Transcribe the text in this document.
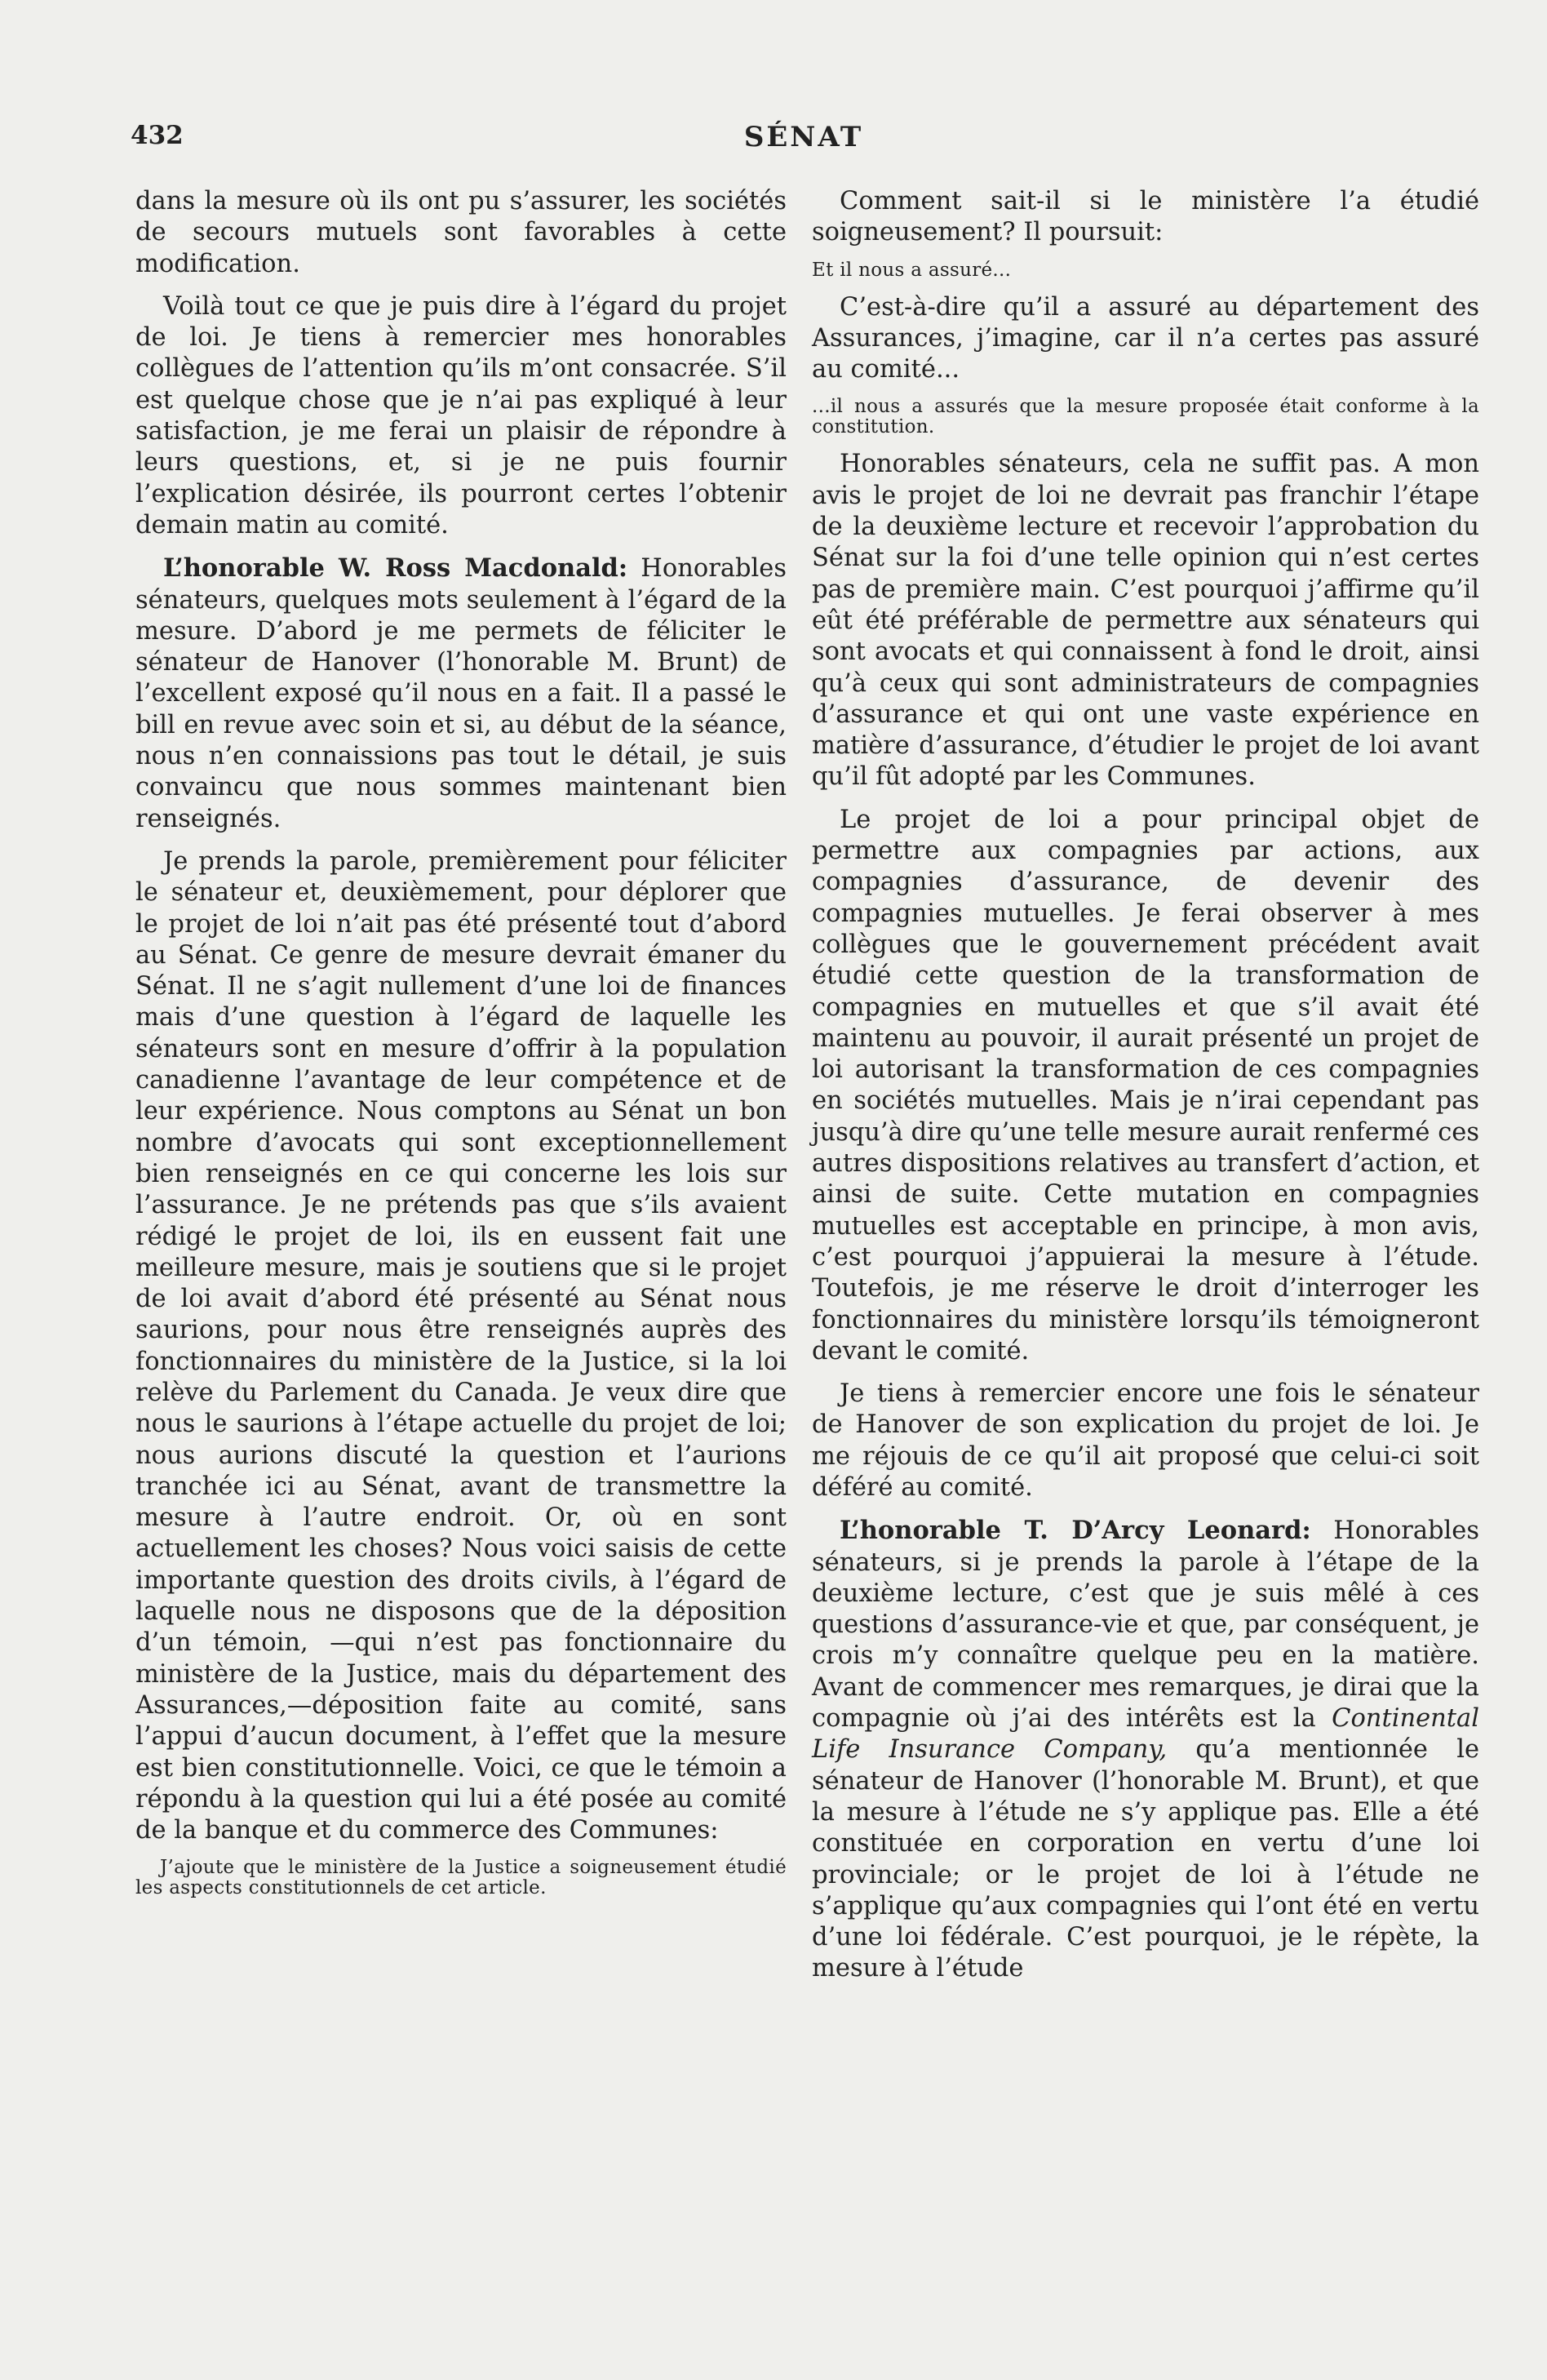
432	SÉNAT

dans la mesure où ils ont pu s’assurer, les sociétés de secours mutuels sont favorables à cette modification.

Voilà tout ce que je puis dire à l’égard du projet de loi. Je tiens à remercier mes honorables collègues de l’attention qu’ils m’ont consacrée. S’il est quelque chose que je n’ai pas expliqué à leur satisfaction, je me ferai un plaisir de répondre à leurs questions, et, si je ne puis fournir l’explication désirée, ils pourront certes l’obtenir demain matin au comité.

L’honorable W. Ross Macdonald: Honorables sénateurs, quelques mots seulement à l’égard de la mesure. D’abord je me permets de féliciter le sénateur de Hanover (l’honorable M. Brunt) de l’excellent exposé qu’il nous en a fait. Il a passé le bill en revue avec soin et si, au début de la séance, nous n’en connaissions pas tout le détail, je suis convaincu que nous sommes maintenant bien renseignés.

Je prends la parole, premièrement pour féliciter le sénateur et, deuxièmement, pour déplorer que le projet de loi n’ait pas été présenté tout d’abord au Sénat. Ce genre de mesure devrait émaner du Sénat. Il ne s’agit nullement d’une loi de finances mais d’une question à l’égard de laquelle les sénateurs sont en mesure d’offrir à la population canadienne l’avantage de leur compétence et de leur expérience. Nous comptons au Sénat un bon nombre d’avocats qui sont exceptionnellement bien renseignés en ce qui concerne les lois sur l’assurance. Je ne prétends pas que s’ils avaient rédigé le projet de loi, ils en eussent fait une meilleure mesure, mais je soutiens que si le projet de loi avait d’abord été présenté au Sénat nous saurions, pour nous être renseignés auprès des fonctionnaires du ministère de la Justice, si la loi relève du Parlement du Canada. Je veux dire que nous le saurions à l’étape actuelle du projet de loi; nous aurions discuté la question et l’aurions tranchée ici au Sénat, avant de transmettre la mesure à l’autre endroit. Or, où en sont actuellement les choses? Nous voici saisis de cette importante question des droits civils, à l’égard de laquelle nous ne disposons que de la déposition d’un témoin, —qui n’est pas fonctionnaire du ministère de la Justice, mais du département des Assurances,—déposition faite au comité, sans l’appui d’aucun document, à l’effet que la mesure est bien constitutionnelle. Voici, ce que le témoin a répondu à la question qui lui a été posée au comité de la banque et du commerce des Communes:

J’ajoute que le ministère de la Justice a soigneusement étudié les aspects constitutionnels de cet article.

Comment sait-il si le ministère l’a étudié soigneusement? Il poursuit:

Et il nous a assuré...

C’est-à-dire qu’il a assuré au département des Assurances, j’imagine, car il n’a certes pas assuré au comité...

...il nous a assurés que la mesure proposée était conforme à la constitution.

Honorables sénateurs, cela ne suffit pas. A mon avis le projet de loi ne devrait pas franchir l’étape de la deuxième lecture et recevoir l’approbation du Sénat sur la foi d’une telle opinion qui n’est certes pas de première main. C’est pourquoi j’affirme qu’il eût été préférable de permettre aux sénateurs qui sont avocats et qui connaissent à fond le droit, ainsi qu’à ceux qui sont administrateurs de compagnies d’assurance et qui ont une vaste expérience en matière d’assurance, d’étudier le projet de loi avant qu’il fût adopté par les Communes.

Le projet de loi a pour principal objet de permettre aux compagnies par actions, aux compagnies d’assurance, de devenir des compagnies mutuelles. Je ferai observer à mes collègues que le gouvernement précédent avait étudié cette question de la transformation de compagnies en mutuelles et que s’il avait été maintenu au pouvoir, il aurait présenté un projet de loi autorisant la transformation de ces compagnies en sociétés mutuelles. Mais je n’irai cependant pas jusqu’à dire qu’une telle mesure aurait renfermé ces autres dispositions relatives au transfert d’action, et ainsi de suite. Cette mutation en compagnies mutuelles est acceptable en principe, à mon avis, c’est pourquoi j’appuierai la mesure à l’étude. Toutefois, je me réserve le droit d’interroger les fonctionnaires du ministère lorsqu’ils témoigneront devant le comité.

Je tiens à remercier encore une fois le sénateur de Hanover de son explication du projet de loi. Je me réjouis de ce qu’il ait proposé que celui-ci soit déféré au comité.

L’honorable T. D’Arcy Leonard: Honorables sénateurs, si je prends la parole à l’étape de la deuxième lecture, c’est que je suis mêlé à ces questions d’assurance-vie et que, par conséquent, je crois m’y connaître quelque peu en la matière. Avant de commencer mes remarques, je dirai que la compagnie où j’ai des intérêts est la Continental Life Insurance Company, qu’a mentionnée le sénateur de Hanover (l’honorable M. Brunt), et que la mesure à l’étude ne s’y applique pas. Elle a été constituée en corporation en vertu d’une loi provinciale; or le projet de loi à l’étude ne s’applique qu’aux compagnies qui l’ont été en vertu d’une loi fédérale. C’est pourquoi, je le répète, la mesure à l’étude
